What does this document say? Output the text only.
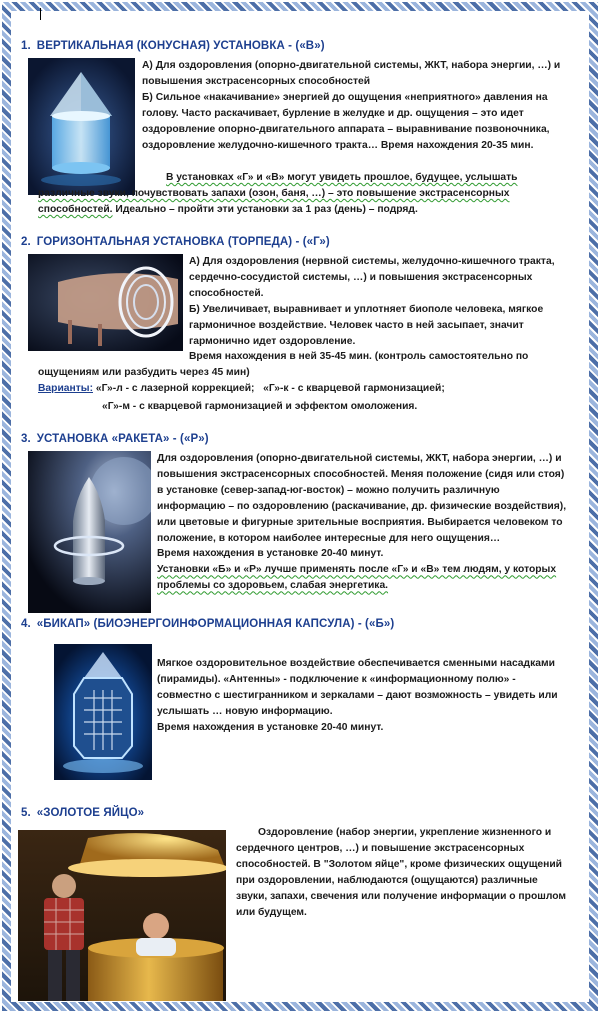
1. ВЕРТИКАЛЬНАЯ (КОНУСНАЯ) УСТАНОВКА - («В»)

А) Для оздоровления (опорно-двигательной системы, ЖКТ, набора энергии, …) и повышения экстрасенсорных способностей

Б) Сильное «накачивание» энергией до ощущения «неприятного» давления на голову. Часто раскачивает, бурление в желудке и др. ощущения – это идет оздоровление опорно-двигательного аппарата – выравнивание позвоночника, оздоровление желудочно-кишечного тракта… Время нахождения 20-35 мин.

В установках «Г» и «В» могут увидеть прошлое, будущее, услышать различные звуки, почувствовать запахи (озон, баня, …) – это повышение экстрасенсорных способностей. Идеально – пройти эти установки за 1 раз (день) – подряд.
2. ГОРИЗОНТАЛЬНАЯ УСТАНОВКА (ТОРПЕДА) - («Г»)

А) Для оздоровления (нервной системы, желудочно-кишечного тракта, сердечно-сосудистой системы, …) и повышения экстрасенсорных способностей.

Б) Увеличивает, выравнивает и уплотняет биополе человека, мягкое гармоничное воздействие. Человек часто в ней засыпает, значит гармонично идет оздоровление.

Время нахождения в ней 35-45 мин. (контроль самостоятельно по ощущениям или разбудить через 45 мин)
Варианты: «Г»-л - с лазерной коррекцией; «Г»-к - с кварцевой гармонизацией;
«Г»-м - с кварцевой гармонизацией и эффектом омоложения.
3. УСТАНОВКА «РАКЕТА» - («Р»)

Для оздоровления (опорно-двигательной системы, ЖКТ, набора энергии, …) и повышения экстрасенсорных способностей. Меняя положение (сидя или стоя) в установке (север-запад-юг-восток) – можно получить различную информацию – по оздоровлению (раскачивание, др. физические воздействия), или цветовые и фигурные зрительные восприятия. Выбирается человеком то положение, в котором наиболее интересные для него ощущения…

Время нахождения в установке 20-40 минут.

Установки «Б» и «Р» лучше применять после «Г» и «В» тем людям, у которых проблемы со здоровьем, слабая энергетика.

4. «БИКАП» (БИОЭНЕРГОИНФОРМАЦИОННАЯ КАПСУЛА) - («Б»)

Мягкое оздоровительное воздействие обеспечивается сменными насадками (пирамиды). «Антенны» - подключение к «информационному полю» - совместно с шестигранником и зеркалами – дают возможность – увидеть или услышать … новую информацию.

Время нахождения в установке 20-40 минут.

5. «ЗОЛОТОЕ ЯЙЦО»
Оздоровление (набор энергии, укрепление жизненного и сердечного центров, …) и повышение экстрасенсорных способностей. В "Золотом яйце", кроме физических ощущений при оздоровлении, наблюдаются (ощущаются) различные звуки, запахи, свечения или получение информации о прошлом или будущем.
